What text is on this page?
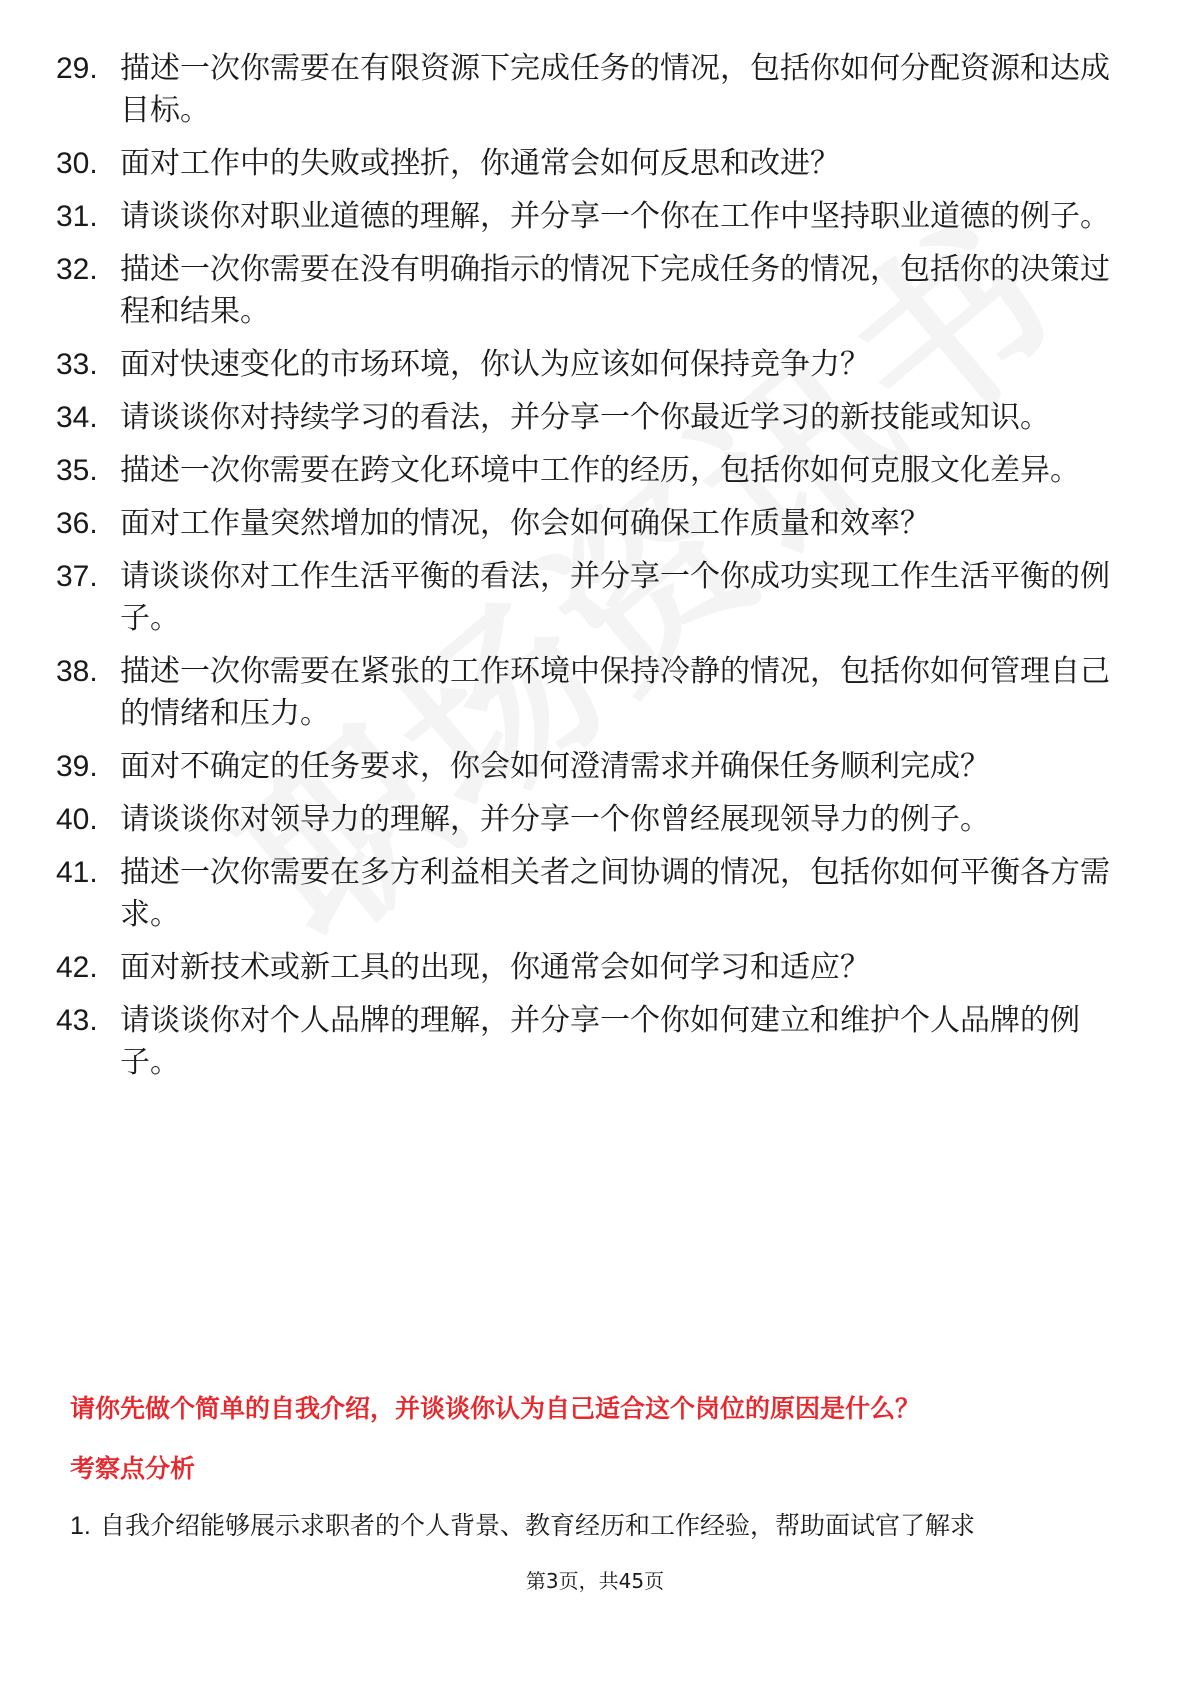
29. 描述一次你需要在有限资源下完成任务的情况，包括你如何分配资源和达成目标。
30. 面对工作中的失败或挫折，你通常会如何反思和改进？
31. 请谈谈你对职业道德的理解，并分享一个你在工作中坚持职业道德的例子。
32. 描述一次你需要在没有明确指示的情况下完成任务的情况，包括你的决策过程和结果。
33. 面对快速变化的市场环境，你认为应该如何保持竞争力？
34. 请谈谈你对持续学习的看法，并分享一个你最近学习的新技能或知识。
35. 描述一次你需要在跨文化环境中工作的经历，包括你如何克服文化差异。
36. 面对工作量突然增加的情况，你会如何确保工作质量和效率？
37. 请谈谈你对工作生活平衡的看法，并分享一个你成功实现工作生活平衡的例子。
38. 描述一次你需要在紧张的工作环境中保持冷静的情况，包括你如何管理自己的情绪和压力。
39. 面对不确定的任务要求，你会如何澄清需求并确保任务顺利完成？
40. 请谈谈你对领导力的理解，并分享一个你曾经展现领导力的例子。
41. 描述一次你需要在多方利益相关者之间协调的情况，包括你如何平衡各方需求。
42. 面对新技术或新工具的出现，你通常会如何学习和适应？
43. 请谈谈你对个人品牌的理解，并分享一个你如何建立和维护个人品牌的例子。

请你先做个简单的自我介绍，并谈谈你认为自己适合这个岗位的原因是什么？

考察点分析
1. 自我介绍能够展示求职者的个人背景、教育经历和工作经验，帮助面试官了解求
第3页，共45页
